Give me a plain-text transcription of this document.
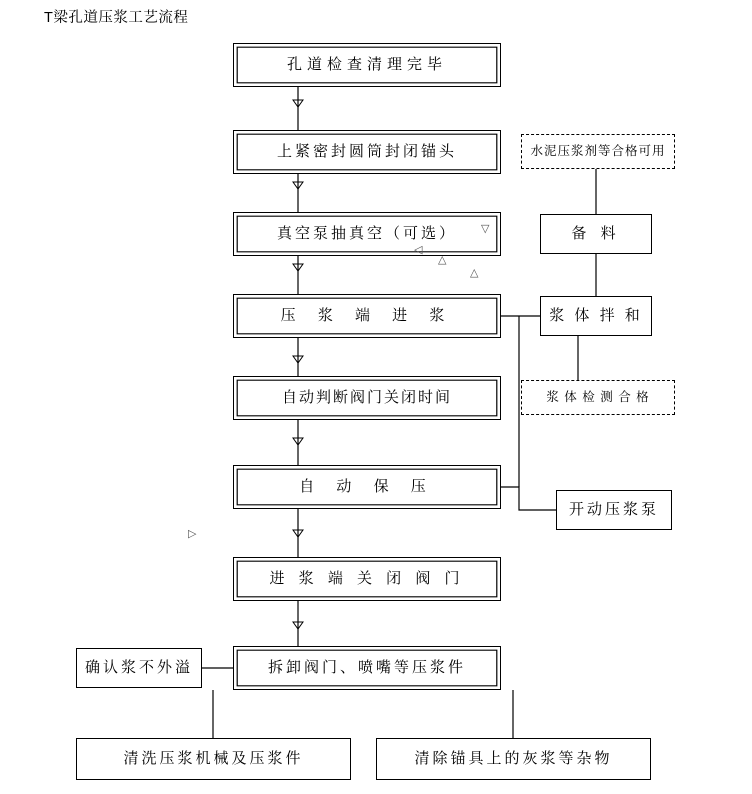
T梁孔道压浆工艺流程
孔道检查清理完毕
上紧密封圆筒封闭锚头
真空泵抽真空（可选）
压 浆 端 进 浆
自动判断阀门关闭时间
自 动 保 压
进 浆 端 关 闭 阀 门
拆卸阀门、喷嘴等压浆件
确认浆不外溢
清洗压浆机械及压浆件	清除锚具上的灰浆等杂物
水泥压浆剂等合格可用
备 料
浆 体 拌 和
浆 体 检 测 合 格
开动压浆泵
▷
▽
△
△
◁
